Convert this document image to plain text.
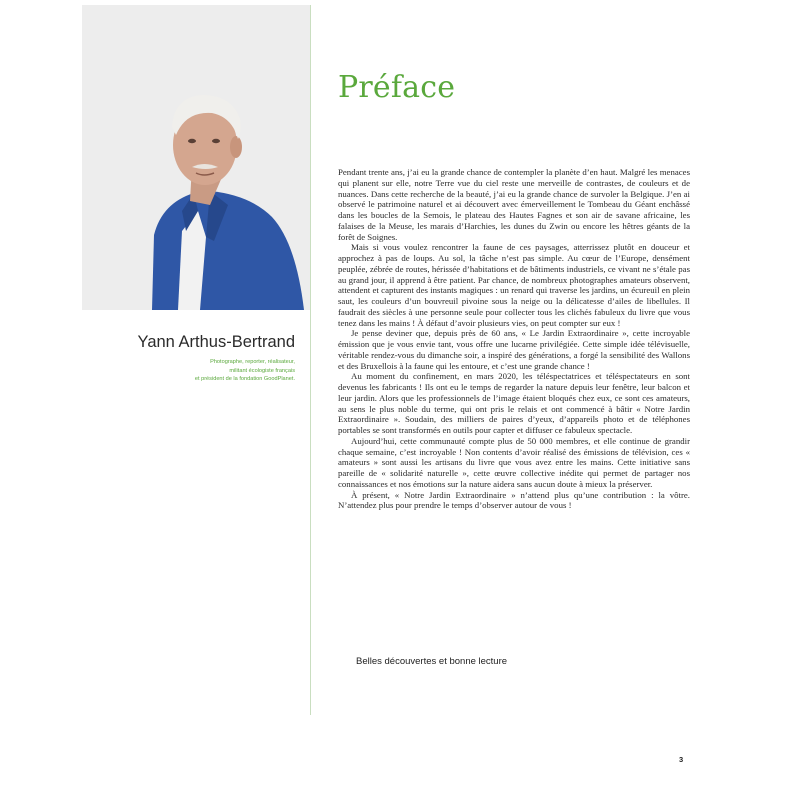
Yann Arthus-Bertrand
Photographe, reporter, réalisateur,
militant écologiste français
et président de la fondation GoodPlanet.
Préface

Pendant trente ans, j’ai eu la grande chance de contempler la planète d’en haut. Malgré les menaces qui planent sur elle, notre Terre vue du ciel reste une merveille de contrastes, de couleurs et de nuances. Dans cette recherche de la beauté, j’ai eu la grande chance de survoler la Belgique. J’en ai observé le patrimoine naturel et ai découvert avec émerveillement le Tombeau du Géant enchâssé dans les boucles de la Semois, le plateau des Hautes Fagnes et son air de savane africaine, les falaises de la Meuse, les marais d’Harchies, les dunes du Zwin ou encore les hêtres géants de la forêt de Soignes.

Mais si vous voulez rencontrer la faune de ces paysages, atterrissez plutôt en douceur et approchez à pas de loups. Au sol, la tâche n’est pas simple. Au cœur de l’Europe, densément peuplée, zébrée de routes, hérissée d’habitations et de bâtiments industriels, ce vivant ne s’étale pas au grand jour, il apprend à être patient. Par chance, de nombreux photographes amateurs observent, attendent et capturent des instants magiques : un renard qui traverse les jardins, un écureuil en plein saut, les couleurs d’un bouvreuil pivoine sous la neige ou la délicatesse d’ailes de libellules. Il faudrait des siècles à une personne seule pour collecter tous les clichés fabuleux du livre que vous tenez dans les mains ! À défaut d’avoir plusieurs vies, on peut compter sur eux !

Je pense deviner que, depuis près de 60 ans, « Le Jardin Extraordinaire », cette incroyable émission que je vous envie tant, vous offre une lucarne privilégiée. Cette simple idée télévisuelle, véritable rendez-vous du dimanche soir, a inspiré des générations, a forgé la sensibilité des Wallons et des Bruxellois à la faune qui les entoure, et c’est une grande chance !

Au moment du confinement, en mars 2020, les téléspectatrices et téléspectateurs en sont devenus les fabricants ! Ils ont eu le temps de regarder la nature depuis leur fenêtre, leur balcon et leur jardin. Alors que les professionnels de l’image étaient bloqués chez eux, ce sont ces amateurs, au sens le plus noble du terme, qui ont pris le relais et ont commencé à bâtir « Notre Jardin Extraordinaire ». Soudain, des milliers de paires d’yeux, d’appareils photo et de téléphones portables se sont transformés en outils pour capter et diffuser ce fabuleux spectacle.

Aujourd’hui, cette communauté compte plus de 50 000 membres, et elle continue de grandir chaque semaine, c’est incroyable ! Non contents d’avoir réalisé des émissions de télévision, ces « amateurs » sont aussi les artisans du livre que vous avez entre les mains. Cette initiative sans pareille de « solidarité naturelle », cette œuvre collective inédite qui permet de partager nos connaissances et nos émotions sur la nature aidera sans aucun doute à mieux la préserver.

À présent, « Notre Jardin Extraordinaire » n’attend plus qu’une contribution : la vôtre. N’attendez plus pour prendre le temps d’observer autour de vous !

Belles découvertes et bonne lecture
3
